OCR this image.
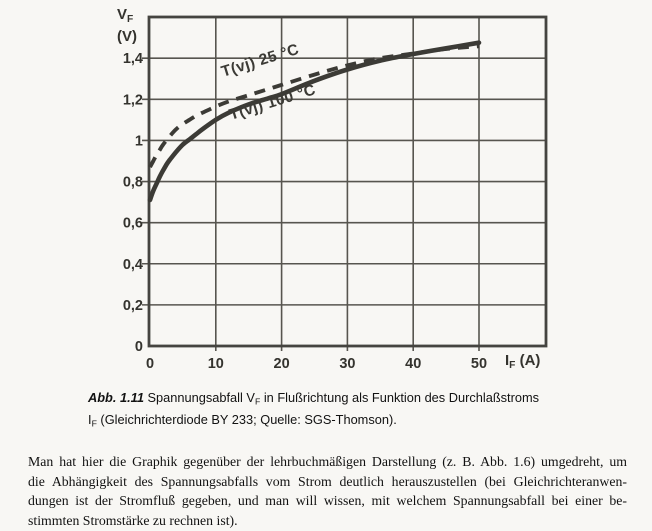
0	10	20	30	40	50
0
0,2
0,4
0,6
0,8
1
1,2
1,4
$V_F$
(V)
$I_F$ (A)
T(vj) 25 °C
T(vj) 100 °C
Abb. 1.11 Spannungsabfall $V_F$ in Flußrichtung als Funktion des Durchlaßstroms
$I_F$ (Gleichrichterdiode BY 233; Quelle: SGS-Thomson).
Man hat hier die Graphik gegenüber der lehrbuchmäßigen Darstellung (z. B. Abb. 1.6) umgedreht, um
die Abhängigkeit des Spannungsabfalls vom Strom deutlich herauszustellen (bei Gleichrichteranwen-
dungen ist der Stromfluß gegeben, und man will wissen, mit welchem Spannungsabfall bei einer be-
stimmten Stromstärke zu rechnen ist).
